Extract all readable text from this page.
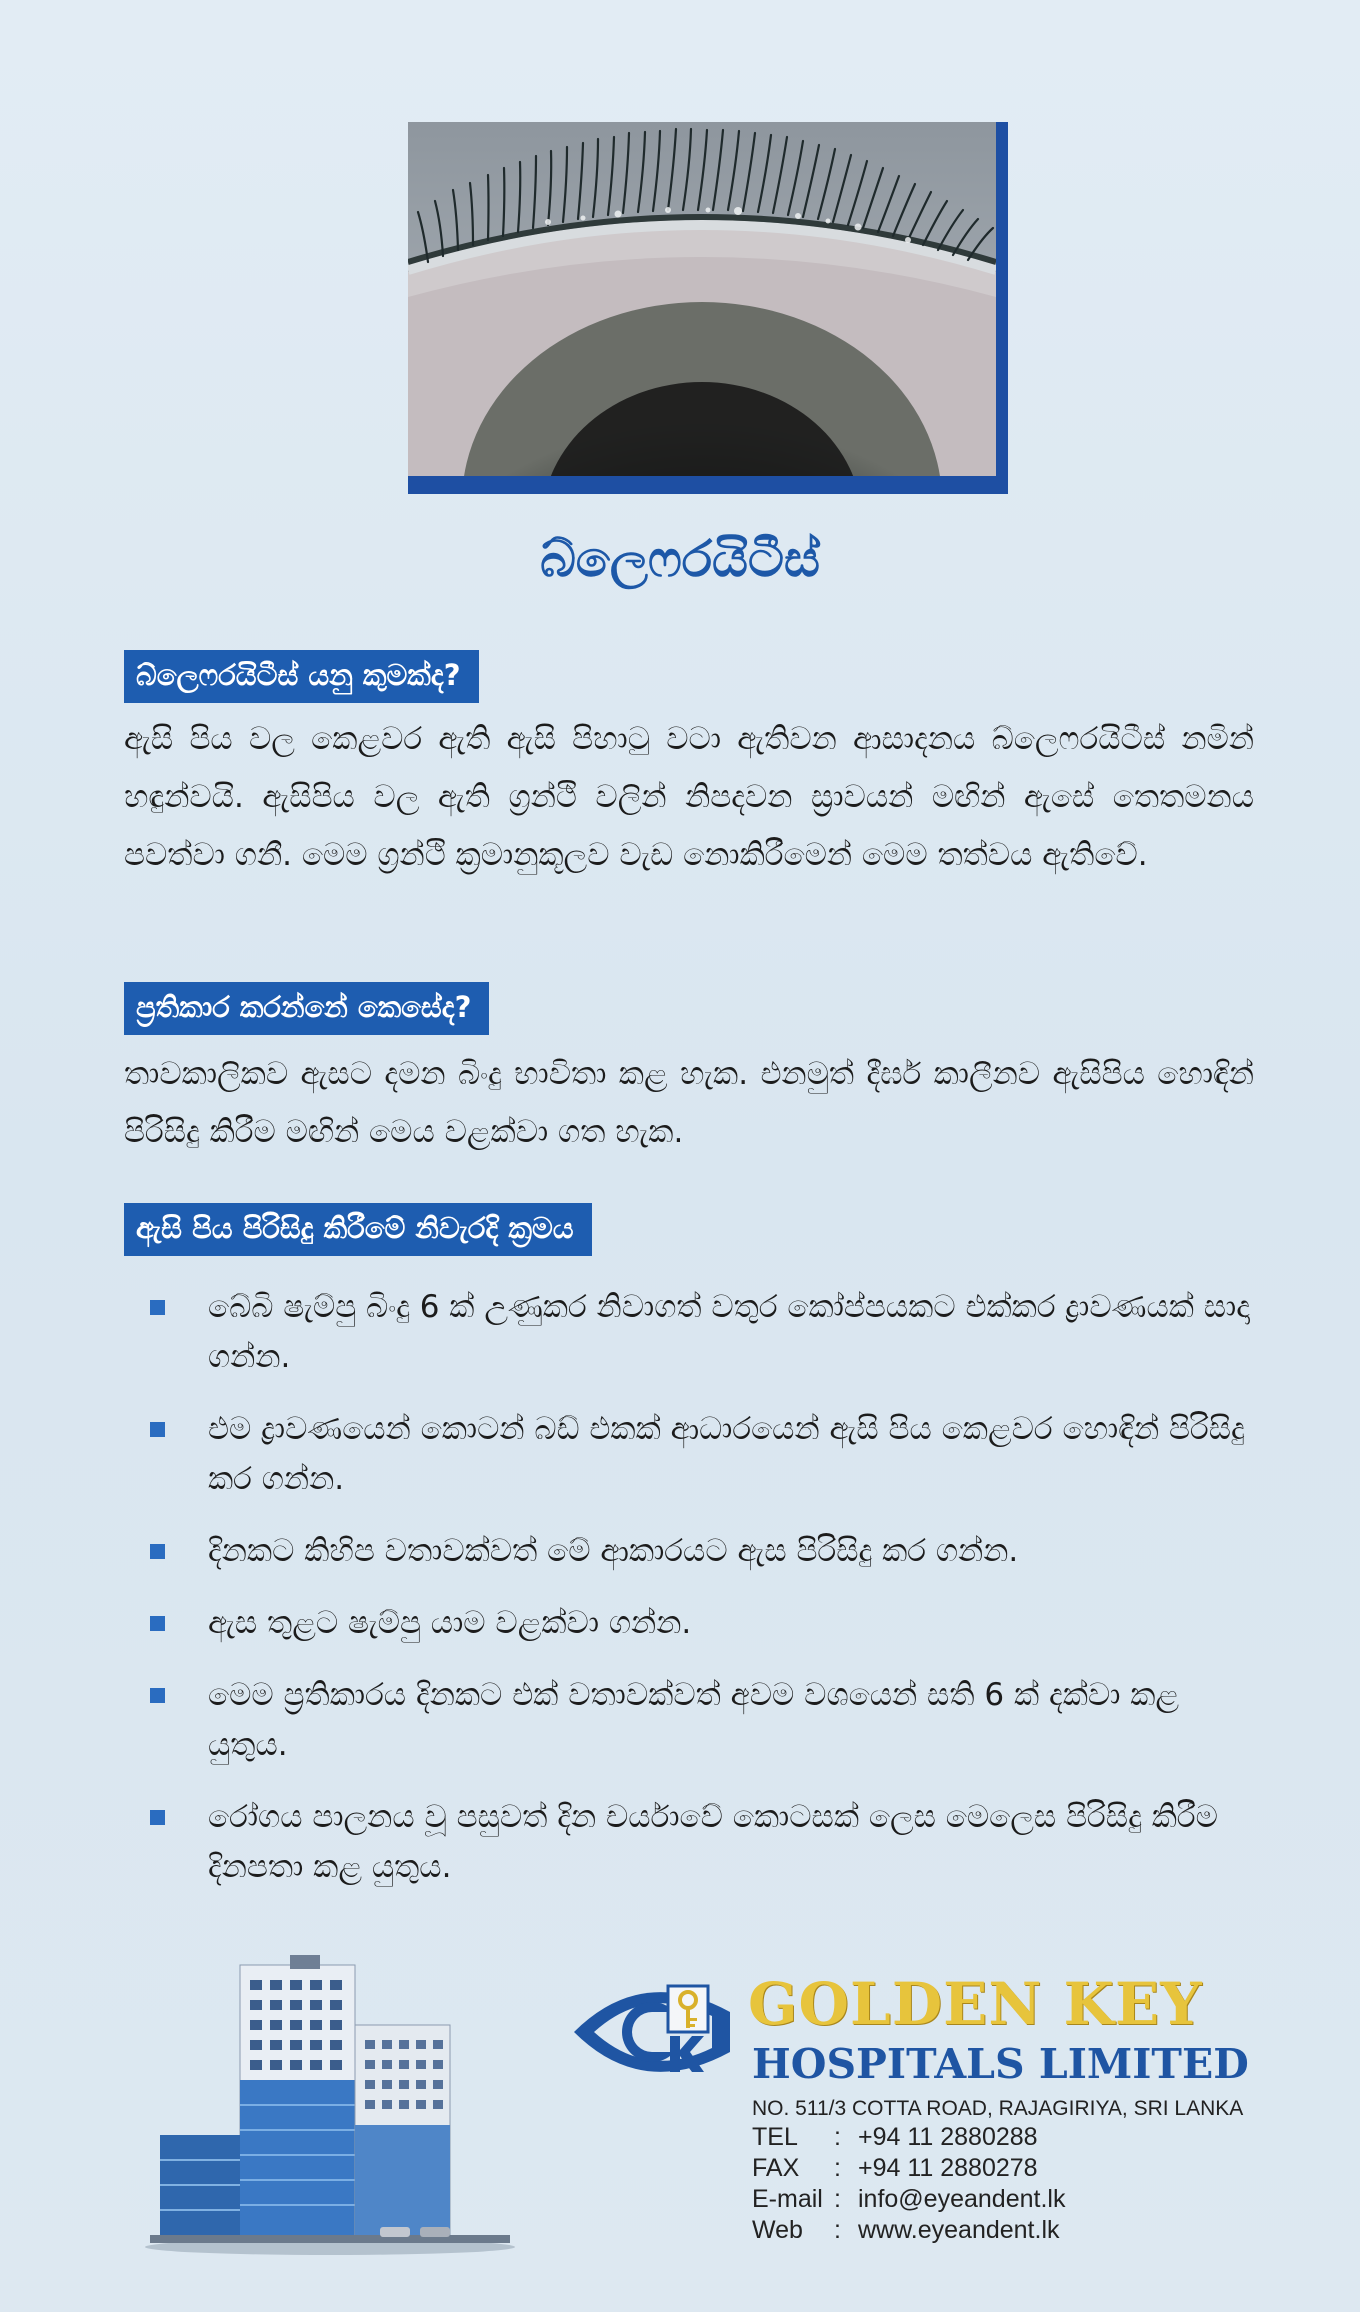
බ්ලෙෆරයිටීස්
බ්ලෙෆරයිටීස් යනු කුමක්ද?
ඇසි පිය වල කෙළවර ඇති ඇසි පිහාටු වටා ඇතිවන ආසාදනය බ්ලෙෆරයිටීස් නමින් හඳුන්වයි. ඇසිපිය වල ඇති ග්‍රන්ථි වලින් නිපදවන ස්‍රාවයන් මඟින් ඇසේ තෙතමනය පවත්වා ගනී. මෙම ග්‍රන්ථි ක්‍රමානුකූලව වැඩ නොකිරීමෙන් මෙම තත්වය ඇතිවේ.
ප්‍රතිකාර කරන්නේ කෙසේද?
තාවකාලිකව ඇසට දමන බිංදු භාවිතා කළ හැක. එනමුත් දීර්ඝ කාලීනව ඇසිපිය හොඳින් පිරිසිදු කිරීම මඟින් මෙය වළක්වා ගත හැක.
ඇසි පිය පිරිසිදු කිරීමේ නිවැරදි ක්‍රමය
බේබි ෂැම්පු බිංදු 6 ක් උණුකර නිවාගත් වතුර කෝප්පයකට එක්කර ද්‍රාවණයක් සාදා ගන්න.
එම ද්‍රාවණයෙන් කොටන් බඩ් එකක් ආධාරයෙන් ඇසි පිය කෙළවර හොඳින් පිරිසිදු කර ගන්න.
දිනකට කිහිප වතාවක්වත් මේ ආකාරයට ඇස පිරිසිදු කර ගන්න.
ඇස තුළට ෂැම්පු යාම වළක්වා ගන්න.
මෙම ප්‍රතිකාරය දිනකට එක් වතාවක්වත් අවම වශයෙන් සති 6 ක් දක්වා කළ යුතුය.
රෝගය පාලනය වූ පසුවත් දින චර්යාවේ කොටසක් ලෙස මෙලෙස පිරිසිදු කිරීම දිනපතා කළ යුතුය.
GOLDEN KEY
HOSPITALS LIMITED
NO. 511/3 COTTA ROAD, RAJAGIRIYA, SRI LANKA
TEL : +94 11 2880288
FAX : +94 11 2880278
E-mail : info@eyeandent.lk
Web : www.eyeandent.lk
